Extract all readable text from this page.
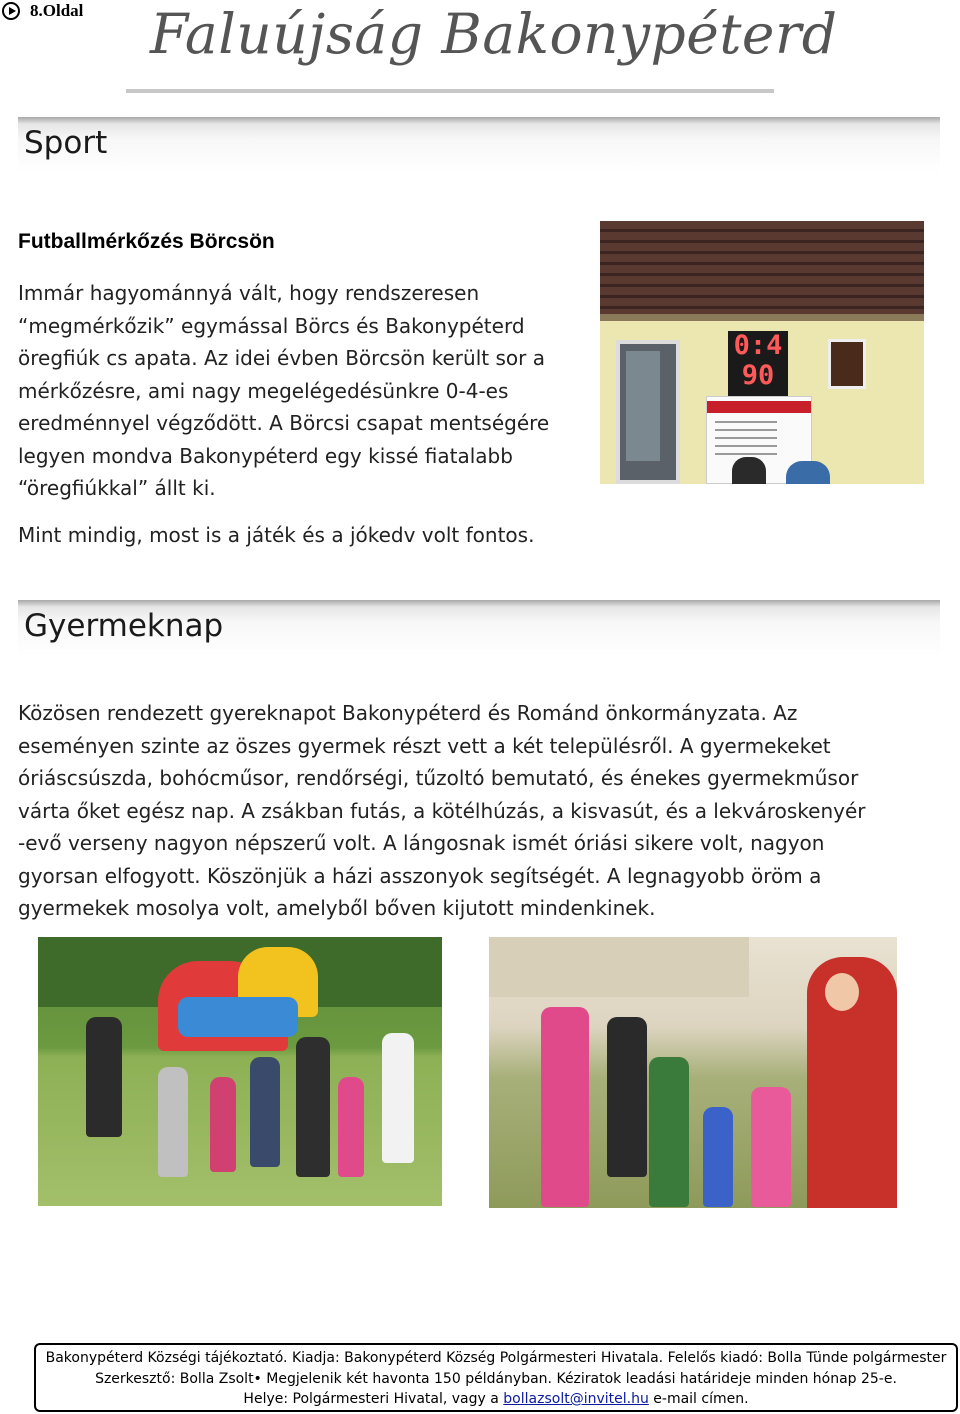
8.Oldal Faluújság Bakonypéterd
Sport
Futballmérkőzés Börcsön
Immár hagyománnyá vált, hogy rendszeresen
“megmérkőzik” egymással Börcs és Bakonypéterd
öregfiúk cs apata. Az idei évben Börcsön került sor a
mérkőzésre, ami nagy megelégedésünkre 0-4-es
eredménnyel végződött. A Börcsi csapat mentségére
legyen mondva Bakonypéterd egy kissé fiatalabb
“öregfiúkkal” állt ki.
Mint mindig, most is a játék és a jókedv volt fontos.
0:4
90
Gyermeknap
Közösen rendezett gyereknapot Bakonypéterd és Románd önkormányzata. Az
eseményen szinte az öszes gyermek részt vett a két településről. A gyermekeket
óriáscsúszda, bohócműsor, rendőrségi, tűzoltó bemutató, és énekes gyermekműsor
várta őket egész nap. A zsákban futás, a kötélhúzás, a kisvasút, és a lekvároskenyér
-evő verseny nagyon népszerű volt. A lángosnak ismét óriási sikere volt, nagyon
gyorsan elfogyott. Köszönjük a házi asszonyok segítségét. A legnagyobb öröm a
gyermekek mosolya volt, amelyből bőven kijutott mindenkinek.
Bakonypéterd Községi tájékoztató. Kiadja: Bakonypéterd Község Polgármesteri Hivatala. Felelős kiadó: Bolla Tünde polgármester
Szerkesztő: Bolla Zsolt• Megjelenik két havonta 150 példányban. Kéziratok leadási határideje minden hónap 25-e.
Helye: Polgármesteri Hivatal, vagy a bollazsolt@invitel.hu e-mail címen.
